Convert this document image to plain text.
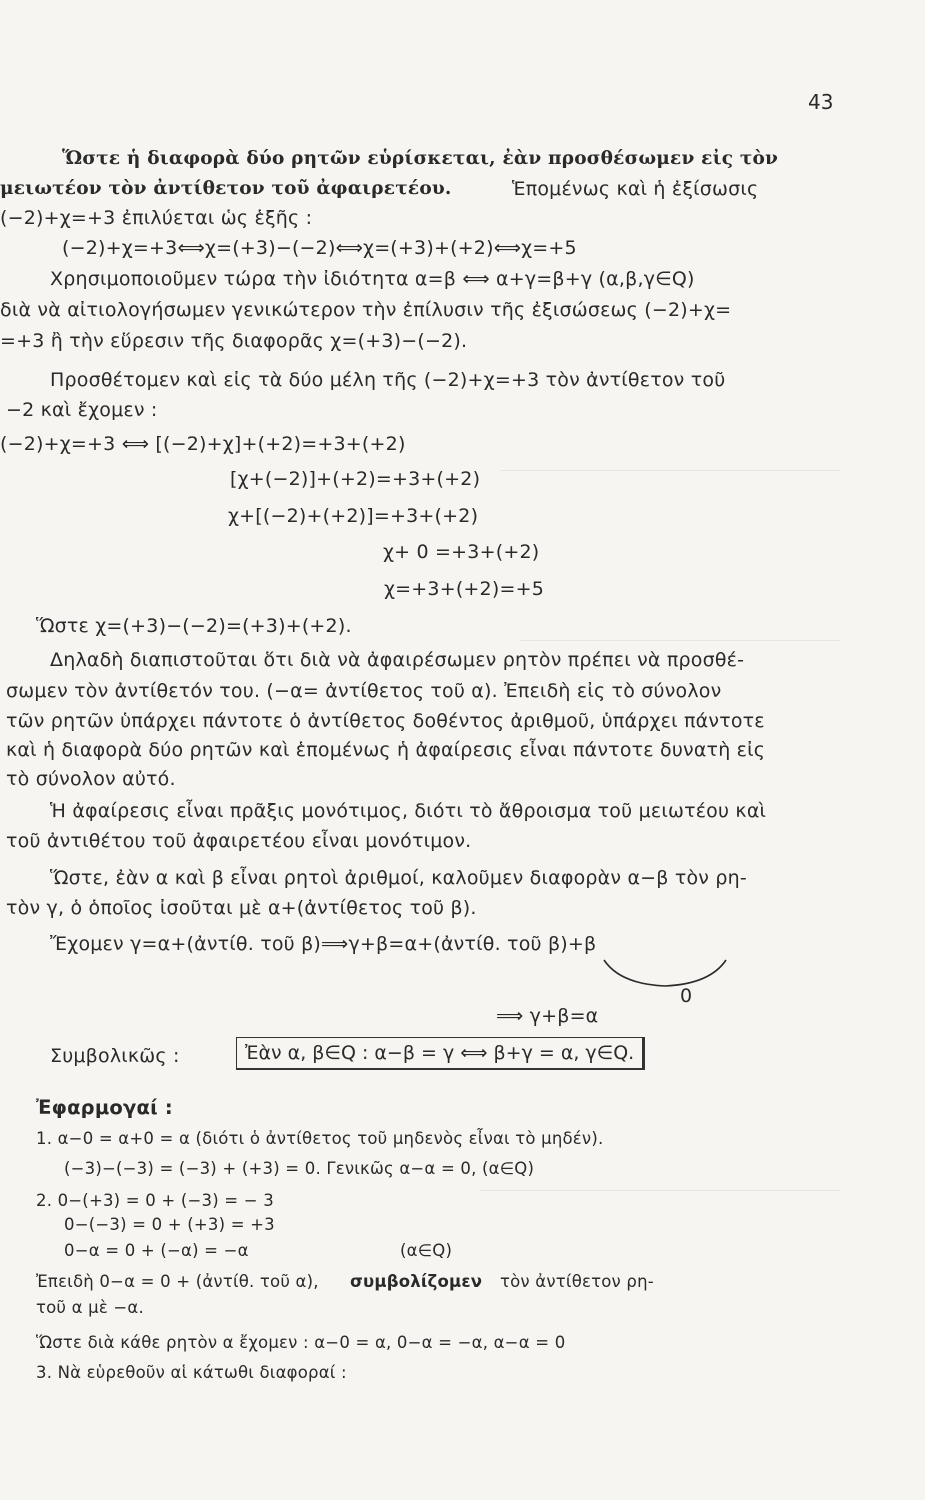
43
Ὥστε ἡ διαφορὰ δύο ρητῶν εὑρίσκεται, ἐὰν προσθέσωμεν εἰς τὸν
μειωτέον τὸν ἀντίθετον τοῦ ἀφαιρετέου.	Ἑπομένως καὶ ἡ ἐξίσωσις
(−2)+χ=+3 ἐπιλύεται ὡς ἑξῆς :
(−2)+χ=+3⟺χ=(+3)−(−2)⟺χ=(+3)+(+2)⟺χ=+5
Χρησιμοποιοῦμεν τώρα τὴν ἰδιότητα α=β ⟺ α+γ=β+γ (α,β,γ∈Q)
διὰ νὰ αἰτιολογήσωμεν γενικώτερον τὴν ἐπίλυσιν τῆς ἐξισώσεως (−2)+χ=
=+3 ἢ τὴν εὕρεσιν τῆς διαφορᾶς χ=(+3)−(−2).
Προσθέτομεν καὶ εἰς τὰ δύο μέλη τῆς (−2)+χ=+3 τὸν ἀντίθετον τοῦ
−2 καὶ ἔχομεν :
(−2)+χ=+3 ⟺ [(−2)+χ]+(+2)=+3+(+2)
[χ+(−2)]+(+2)=+3+(+2)
χ+[(−2)+(+2)]=+3+(+2)
χ+ 0 =+3+(+2)
χ=+3+(+2)=+5
Ὥστε χ=(+3)−(−2)=(+3)+(+2).
Δηλαδὴ διαπιστοῦται ὅτι διὰ νὰ ἀφαιρέσωμεν ρητὸν πρέπει νὰ προσθέ-
σωμεν τὸν ἀντίθετόν του. (−α= ἀντίθετος τοῦ α). Ἐπειδὴ εἰς τὸ σύνολον
τῶν ρητῶν ὑπάρχει πάντοτε ὁ ἀντίθετος δοθέντος ἀριθμοῦ, ὑπάρχει πάντοτε
καὶ ἡ διαφορὰ δύο ρητῶν καὶ ἑπομένως ἡ ἀφαίρεσις εἶναι πάντοτε δυνατὴ εἰς
τὸ σύνολον αὐτό.
Ἡ ἀφαίρεσις εἶναι πρᾶξις μονότιμος, διότι τὸ ἄθροισμα τοῦ μειωτέου καὶ
τοῦ ἀντιθέτου τοῦ ἀφαιρετέου εἶναι μονότιμον.
Ὥστε, ἐὰν α καὶ β εἶναι ρητοὶ ἀριθμοί, καλοῦμεν διαφορὰν α−β τὸν ρη-
τὸν γ, ὁ ὁποῖος ἰσοῦται μὲ α+(ἀντίθετος τοῦ β).
Ἔχομεν γ=α+(ἀντίθ. τοῦ β)⟹γ+β=α+(ἀντίθ. τοῦ β)+β
0
⟹ γ+β=α
Συμβολικῶς :	Ἐὰν α, β∈Q : α−β = γ ⟺ β+γ = α, γ∈Q.
Ἐφαρμογαί :
1. α−0 = α+0 = α (διότι ὁ ἀντίθετος τοῦ μηδενὸς εἶναι τὸ μηδέν).
(−3)−(−3) = (−3) + (+3) = 0. Γενικῶς α−α = 0, (α∈Q)
2. 0−(+3) = 0 + (−3) = − 3
0−(−3) = 0 + (+3) = +3
0−α = 0 + (−α) = −α	(α∈Q)
Ἐπειδὴ 0−α = 0 + (ἀντίθ. τοῦ α), συμβολίζομεν τὸν ἀντίθετον ρη-
τοῦ α μὲ −α.
Ὥστε διὰ κάθε ρητὸν α ἔχομεν : α−0 = α, 0−α = −α, α−α = 0
3. Νὰ εὑρεθοῦν αἱ κάτωθι διαφοραί :
